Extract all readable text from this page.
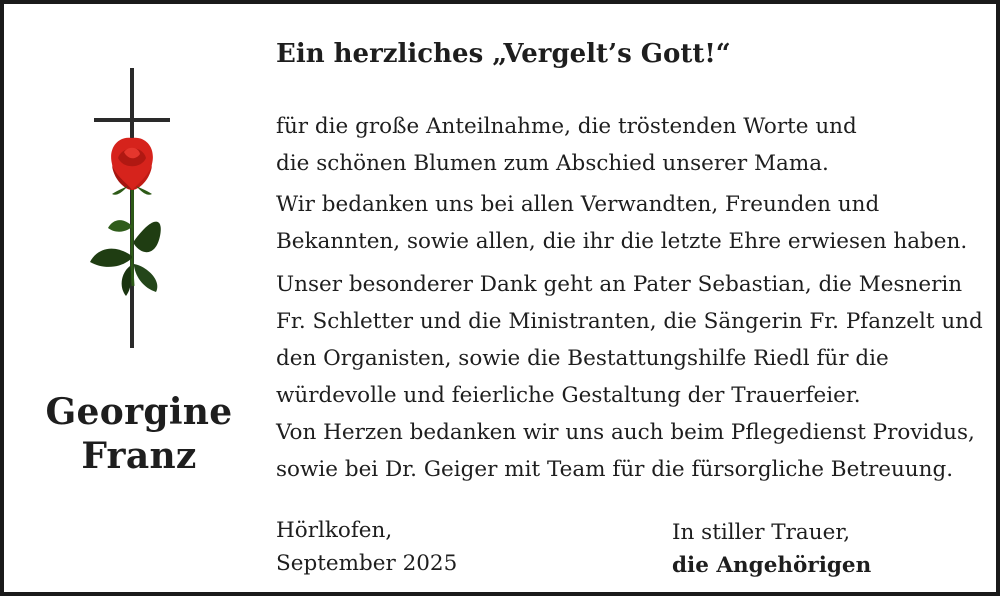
Georgine
Franz
Ein herzliches „Vergelt’s Gott!“

für die große Anteilnahme, die tröstenden Worte und
die schönen Blumen zum Abschied unserer Mama.

Wir bedanken uns bei allen Verwandten, Freunden und
Bekannten, sowie allen, die ihr die letzte Ehre erwiesen haben.

Unser besonderer Dank geht an Pater Sebastian, die Mesnerin
Fr. Schletter und die Ministranten, die Sängerin Fr. Pfanzelt und
den Organisten, sowie die Bestattungshilfe Riedl für die
würdevolle und feierliche Gestaltung der Trauerfeier.

Von Herzen bedanken wir uns auch beim Pflegedienst Providus,
sowie bei Dr. Geiger mit Team für die fürsorgliche Betreuung.

Hörlkofen,
September 2025
In stiller Trauer,
die Angehörigen
